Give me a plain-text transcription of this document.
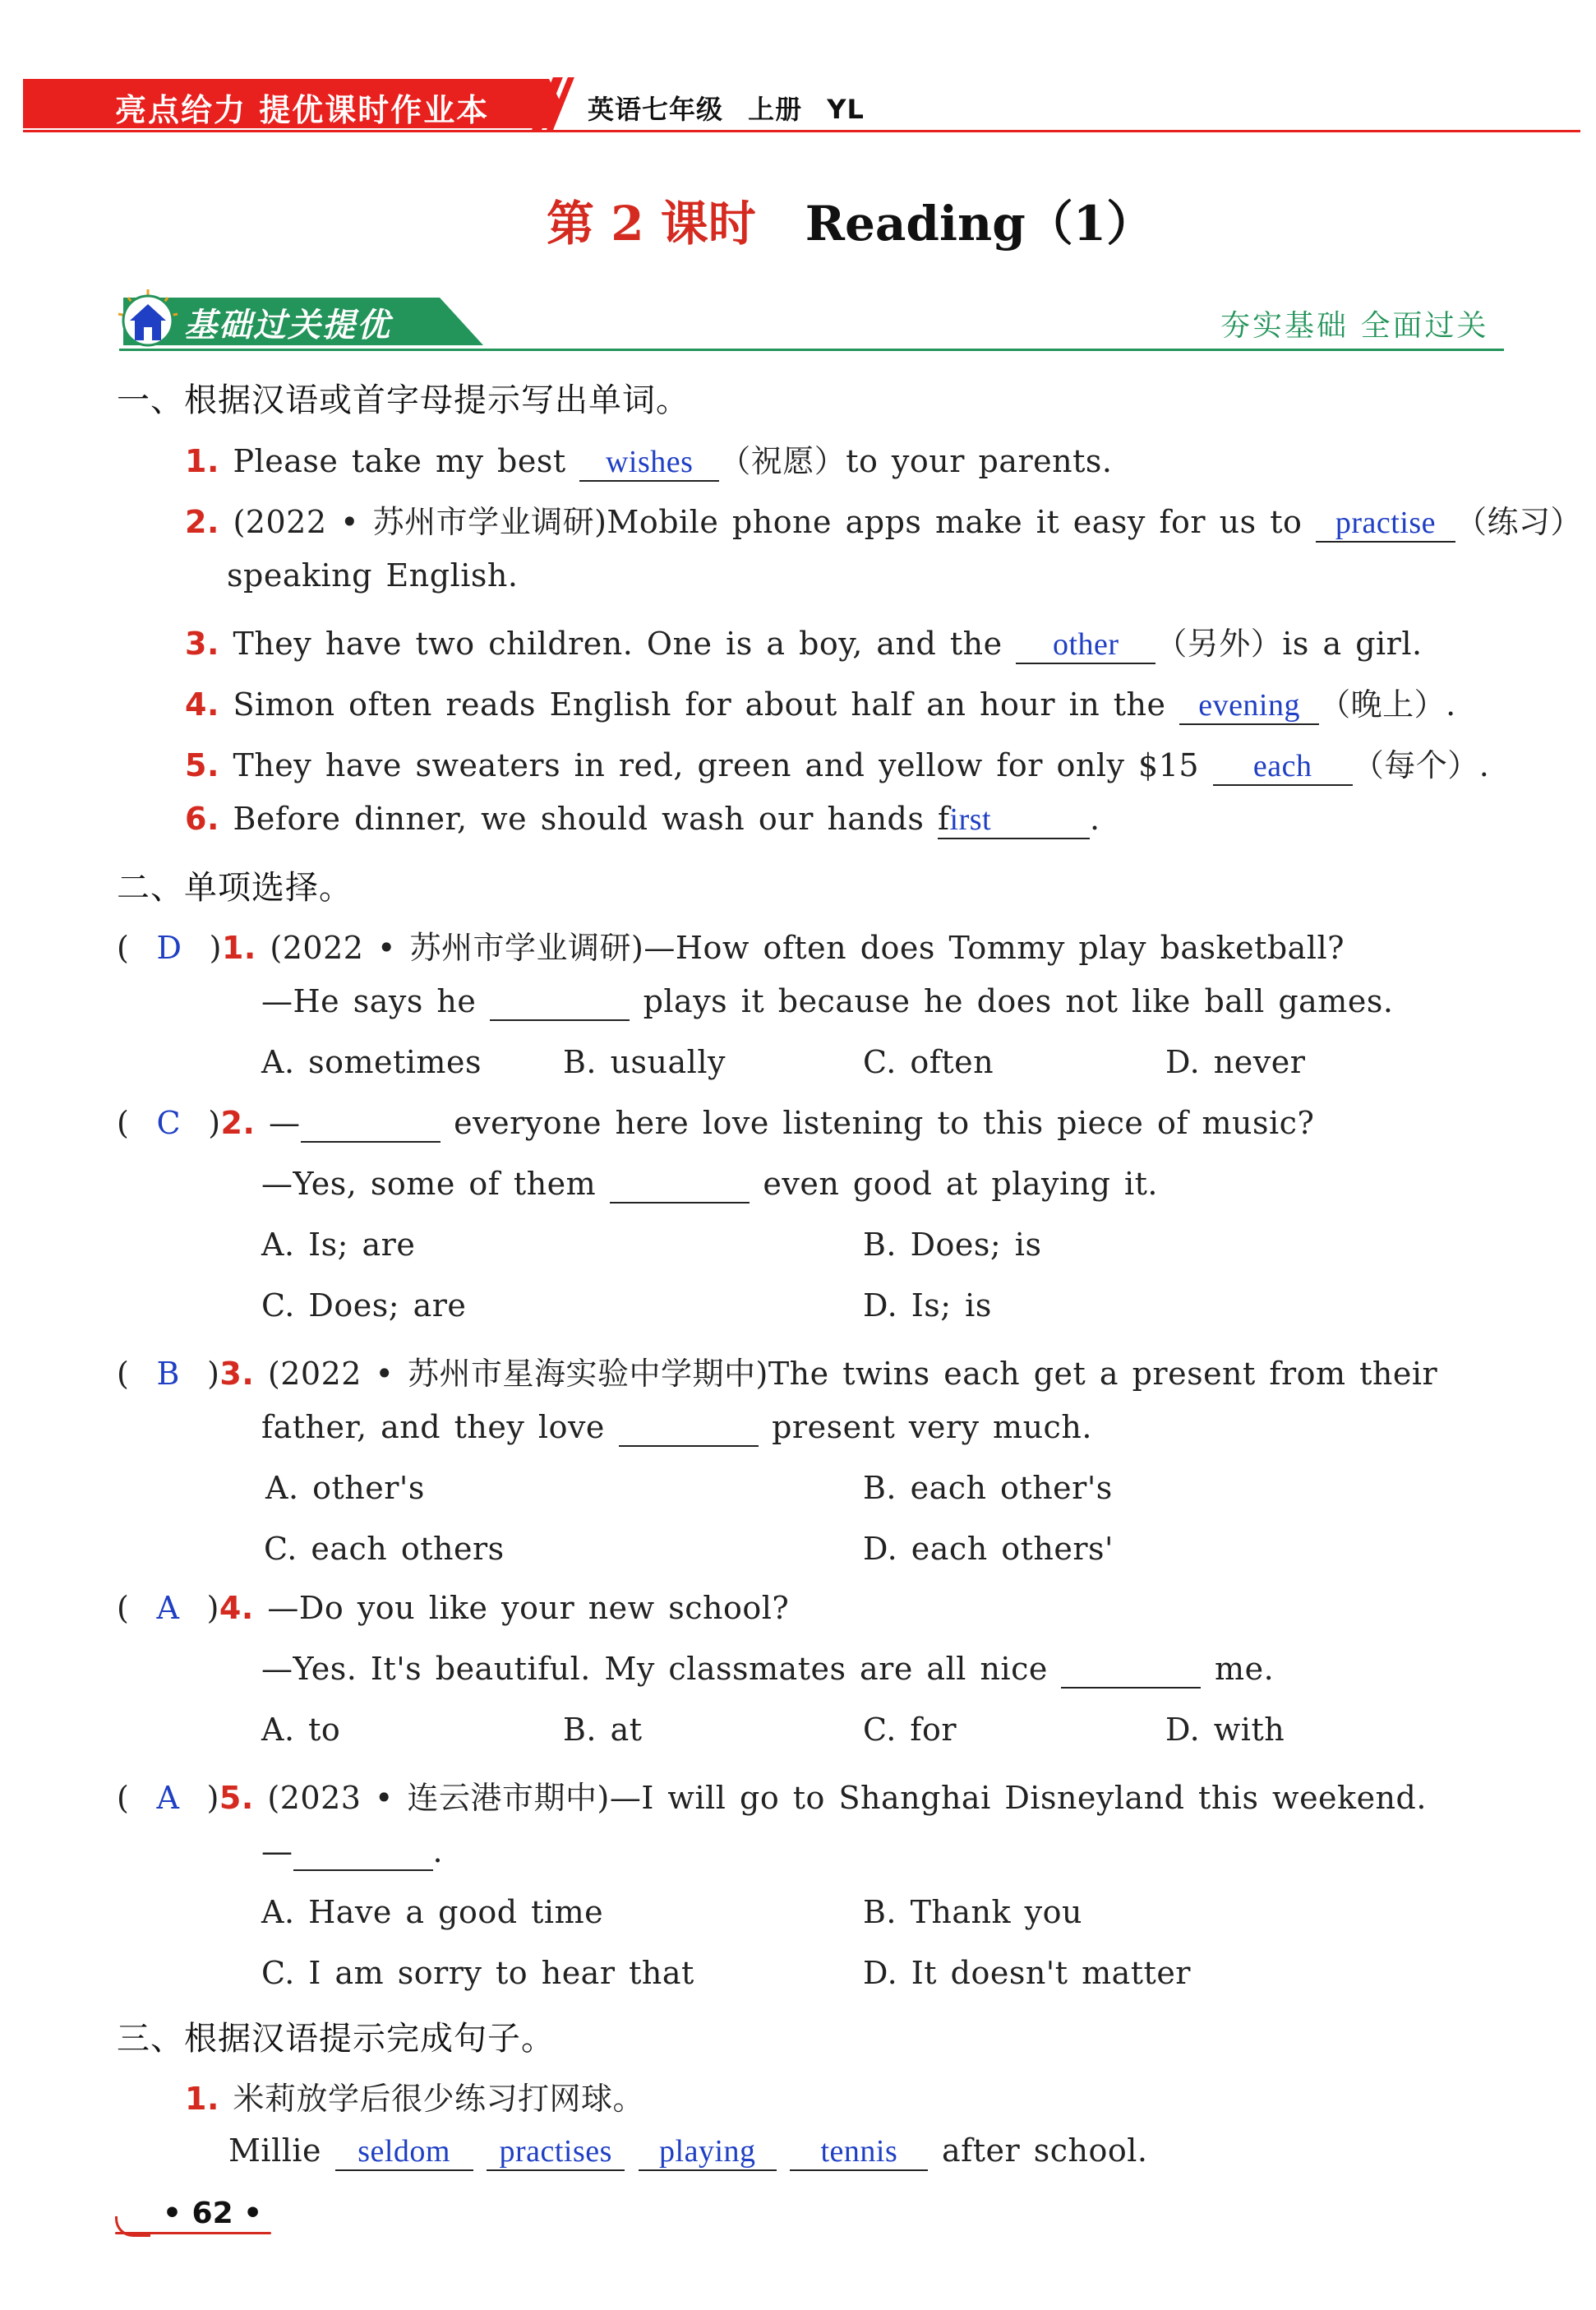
亮点给力 提优课时作业本	英语七年级 上册 YL
第 2 课时 Reading（1）
基础过关提优	夯实基础 全面过关
一、根据汉语或首字母提示写出单词。
1. Please take my best wishes （祝愿）to your parents.
2. (2022 • 苏州市学业调研)Mobile phone apps make it easy for us to practise （练习）
speaking English.
3. They have two children. One is a boy, and the other （另外）is a girl.
4. Simon often reads English for about half an hour in the evening （晚上）.
5. They have sweaters in red, green and yellow for only $15 each （每个）.
6. Before dinner, we should wash our hands first	.
二、单项选择。
(  D  )1. (2022 • 苏州市学业调研)—How often does Tommy play basketball?
—He says he	plays it because he does not like ball games.
A. sometimes	B. usually	C. often	D. never
(  C  )2. —	everyone here love listening to this piece of music?
—Yes, some of them	even good at playing it.
A. Is; are	B. Does; is
C. Does; are	D. Is; is
(  B  )3. (2022 • 苏州市星海实验中学期中)The twins each get a present from their
father, and they love	present very much.
A. other's	B. each other's
C. each others	D. each others'
(  A  )4. —Do you like your new school?
—Yes. It's beautiful. My classmates are all nice	me.
A. to	B. at	C. for	D. with
(  A  )5. (2023 • 连云港市期中)—I will go to Shanghai Disneyland this weekend.
—	.
A. Have a good time	B. Thank you
C. I am sorry to hear that	D. It doesn't matter
三、根据汉语提示完成句子。
1. 米莉放学后很少练习打网球。
Millie seldom practises playing tennis after school.
• 62 •
